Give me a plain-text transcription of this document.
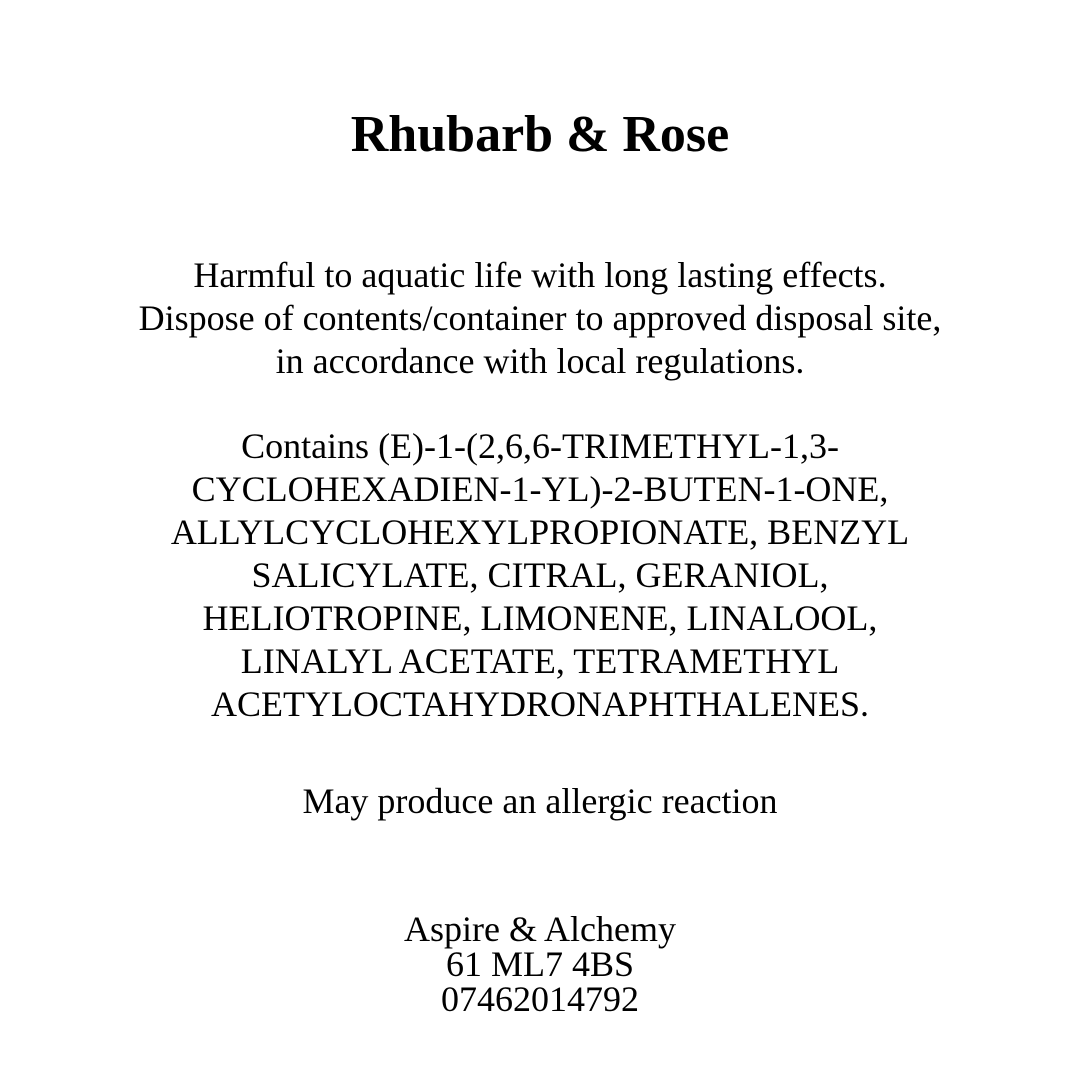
Rhubarb & Rose

Harmful to aquatic life with long lasting effects.
Dispose of contents/container to approved disposal site,
in accordance with local regulations.

Contains (E)-1-(2,6,6-TRIMETHYL-1,3-
CYCLOHEXADIEN-1-YL)-2-BUTEN-1-ONE,
ALLYLCYCLOHEXYLPROPIONATE, BENZYL
SALICYLATE, CITRAL, GERANIOL,
HELIOTROPINE, LIMONENE, LINALOOL,
LINALYL ACETATE, TETRAMETHYL
ACETYLOCTAHYDRONAPHTHALENES.

May produce an allergic reaction

Aspire & Alchemy
61 ML7 4BS
07462014792
